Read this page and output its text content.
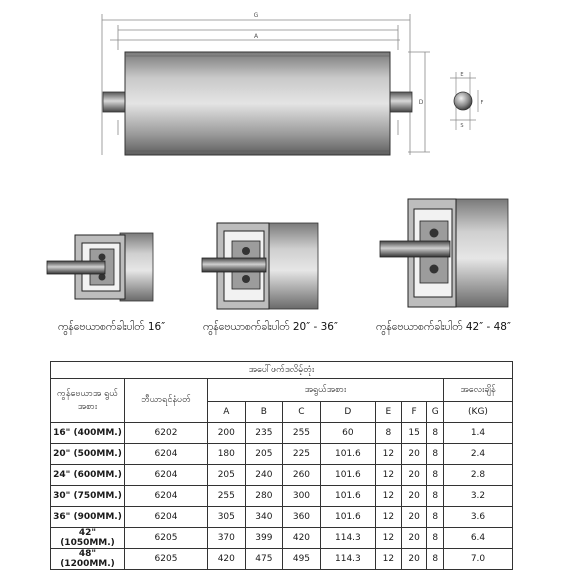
G
A
D
E
F
S
ကွန်ဗေယာစက်ခါးပါတ် 16″	ကွန်ဗေယာစက်ခါးပါတ် 20″ - 36″	ကွန်ဗေယာစက်ခါးပါတ် 42″ - 48″
အပေါ်ဖက်ဒလိမ့်တုံး									
ကွန်ဗေယာအ ရွယ်အစား	ဘီယာရင်နံပတ်	အရွယ်အစား							အလေးချိန်
		A	B	C	D	E	F	G	(KG)
16" (400MM.)	6202	200	235	255	60	8	15	8	1.4
20" (500MM.)	6204	180	205	225	101.6	12	20	8	2.4
24" (600MM.)	6204	205	240	260	101.6	12	20	8	2.8
30" (750MM.)	6204	255	280	300	101.6	12	20	8	3.2
36" (900MM.)	6204	305	340	360	101.6	12	20	8	3.6
42" (1050MM.)	6205	370	399	420	114.3	12	20	8	6.4
48" (1200MM.)	6205	420	475	495	114.3	12	20	8	7.0
